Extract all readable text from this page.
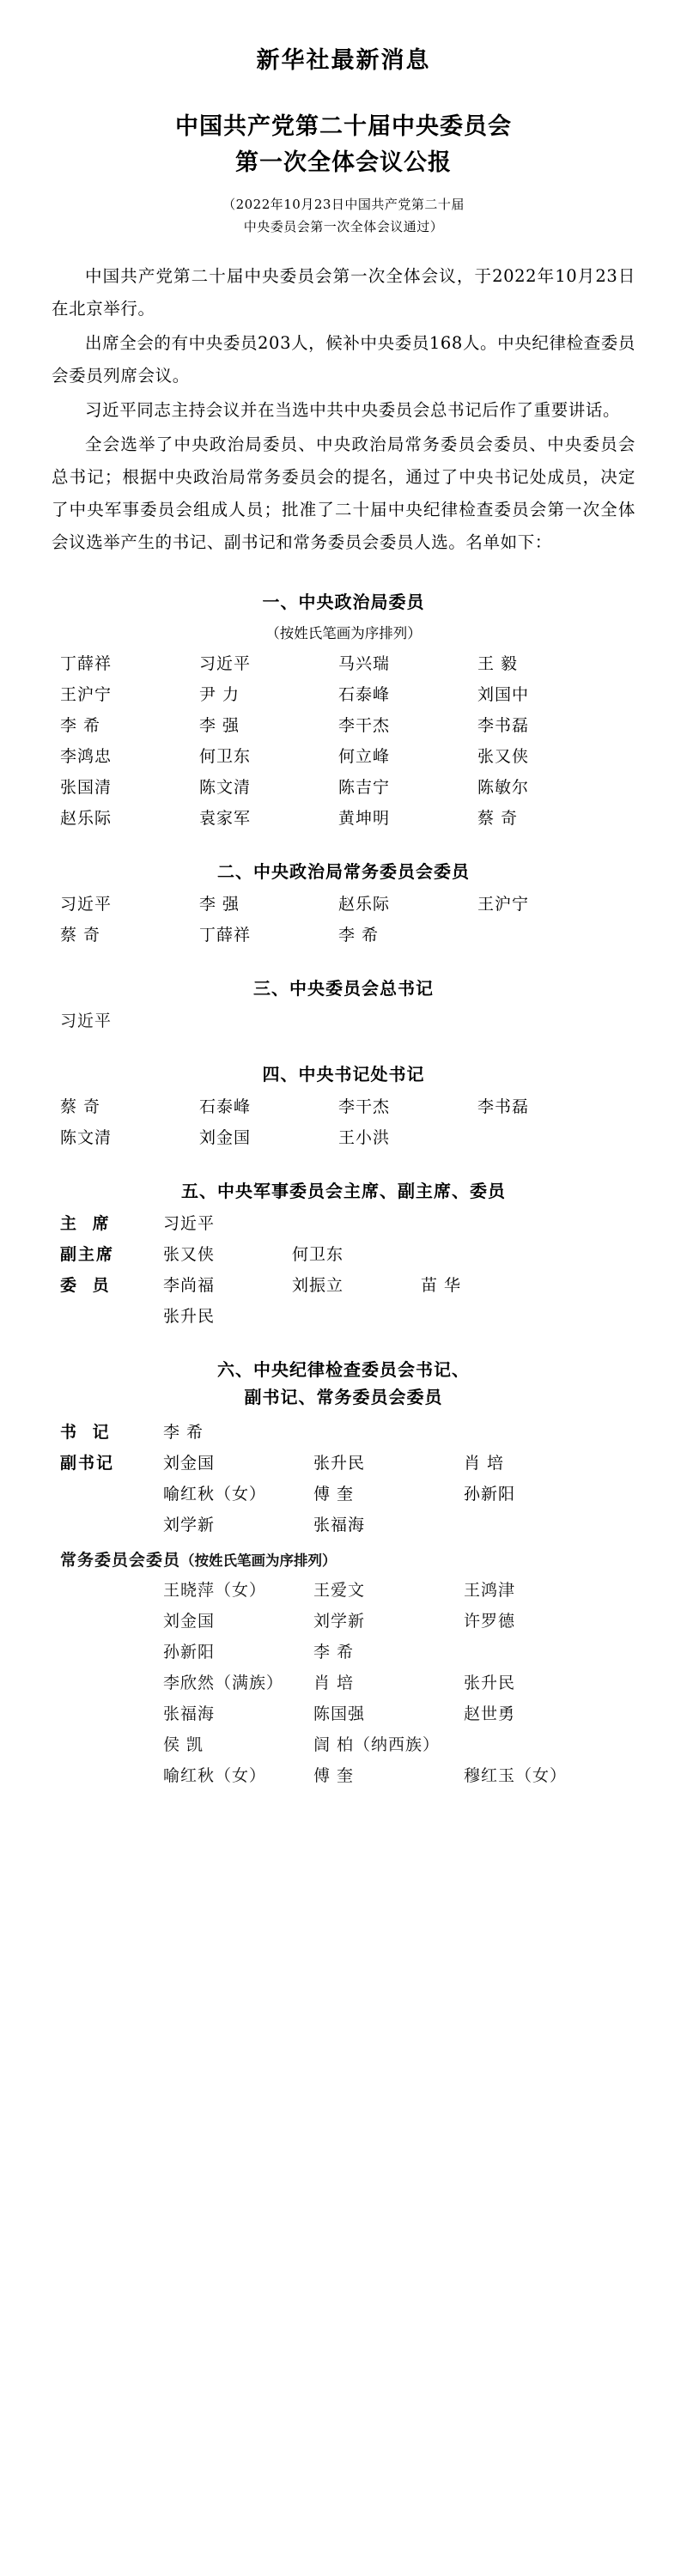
新华社最新消息
中国共产党第二十届中央委员会
第一次全体会议公报
（2022年10月23日中国共产党第二十届
中央委员会第一次全体会议通过）

中国共产党第二十届中央委员会第一次全体会议，于2022年10月23日在北京举行。

出席全会的有中央委员203人，候补中央委员168人。中央纪律检查委员会委员列席会议。

习近平同志主持会议并在当选中共中央委员会总书记后作了重要讲话。

全会选举了中央政治局委员、中央政治局常务委员会委员、中央委员会总书记；根据中央政治局常务委员会的提名，通过了中央书记处成员，决定了中央军事委员会组成人员；批准了二十届中央纪律检查委员会第一次全体会议选举产生的书记、副书记和常务委员会委员人选。名单如下：

一、中央政治局委员
（按姓氏笔画为序排列）
丁薛祥	习近平	马兴瑞	王 毅
王沪宁	尹 力	石泰峰	刘国中
李 希	李 强	李干杰	李书磊
李鸿忠	何卫东	何立峰	张又侠
张国清	陈文清	陈吉宁	陈敏尔
赵乐际	袁家军	黄坤明	蔡 奇
二、中央政治局常务委员会委员
习近平	李 强	赵乐际	王沪宁
蔡 奇	丁薛祥	李 希
三、中央委员会总书记
习近平
四、中央书记处书记
蔡 奇	石泰峰	李干杰	李书磊
陈文清	刘金国	王小洪
五、中央军事委员会主席、副主席、委员
主 席	习近平
副主席	张又侠	何卫东
委 员	李尚福	刘振立	苗 华
张升民
六、中央纪律检查委员会书记、
副书记、常务委员会委员
书 记	李 希
副书记	刘金国	张升民	肖 培
喻红秋（女）	傅 奎	孙新阳
刘学新	张福海
常务委员会委员（按姓氏笔画为序排列）
王晓萍（女）	王爱文	王鸿津
刘金国	刘学新	许罗德
孙新阳	李 希
李欣然（满族）	肖 培	张升民
张福海	陈国强	赵世勇
侯 凯	訚 柏（纳西族）
喻红秋（女）	傅 奎	穆红玉（女）
